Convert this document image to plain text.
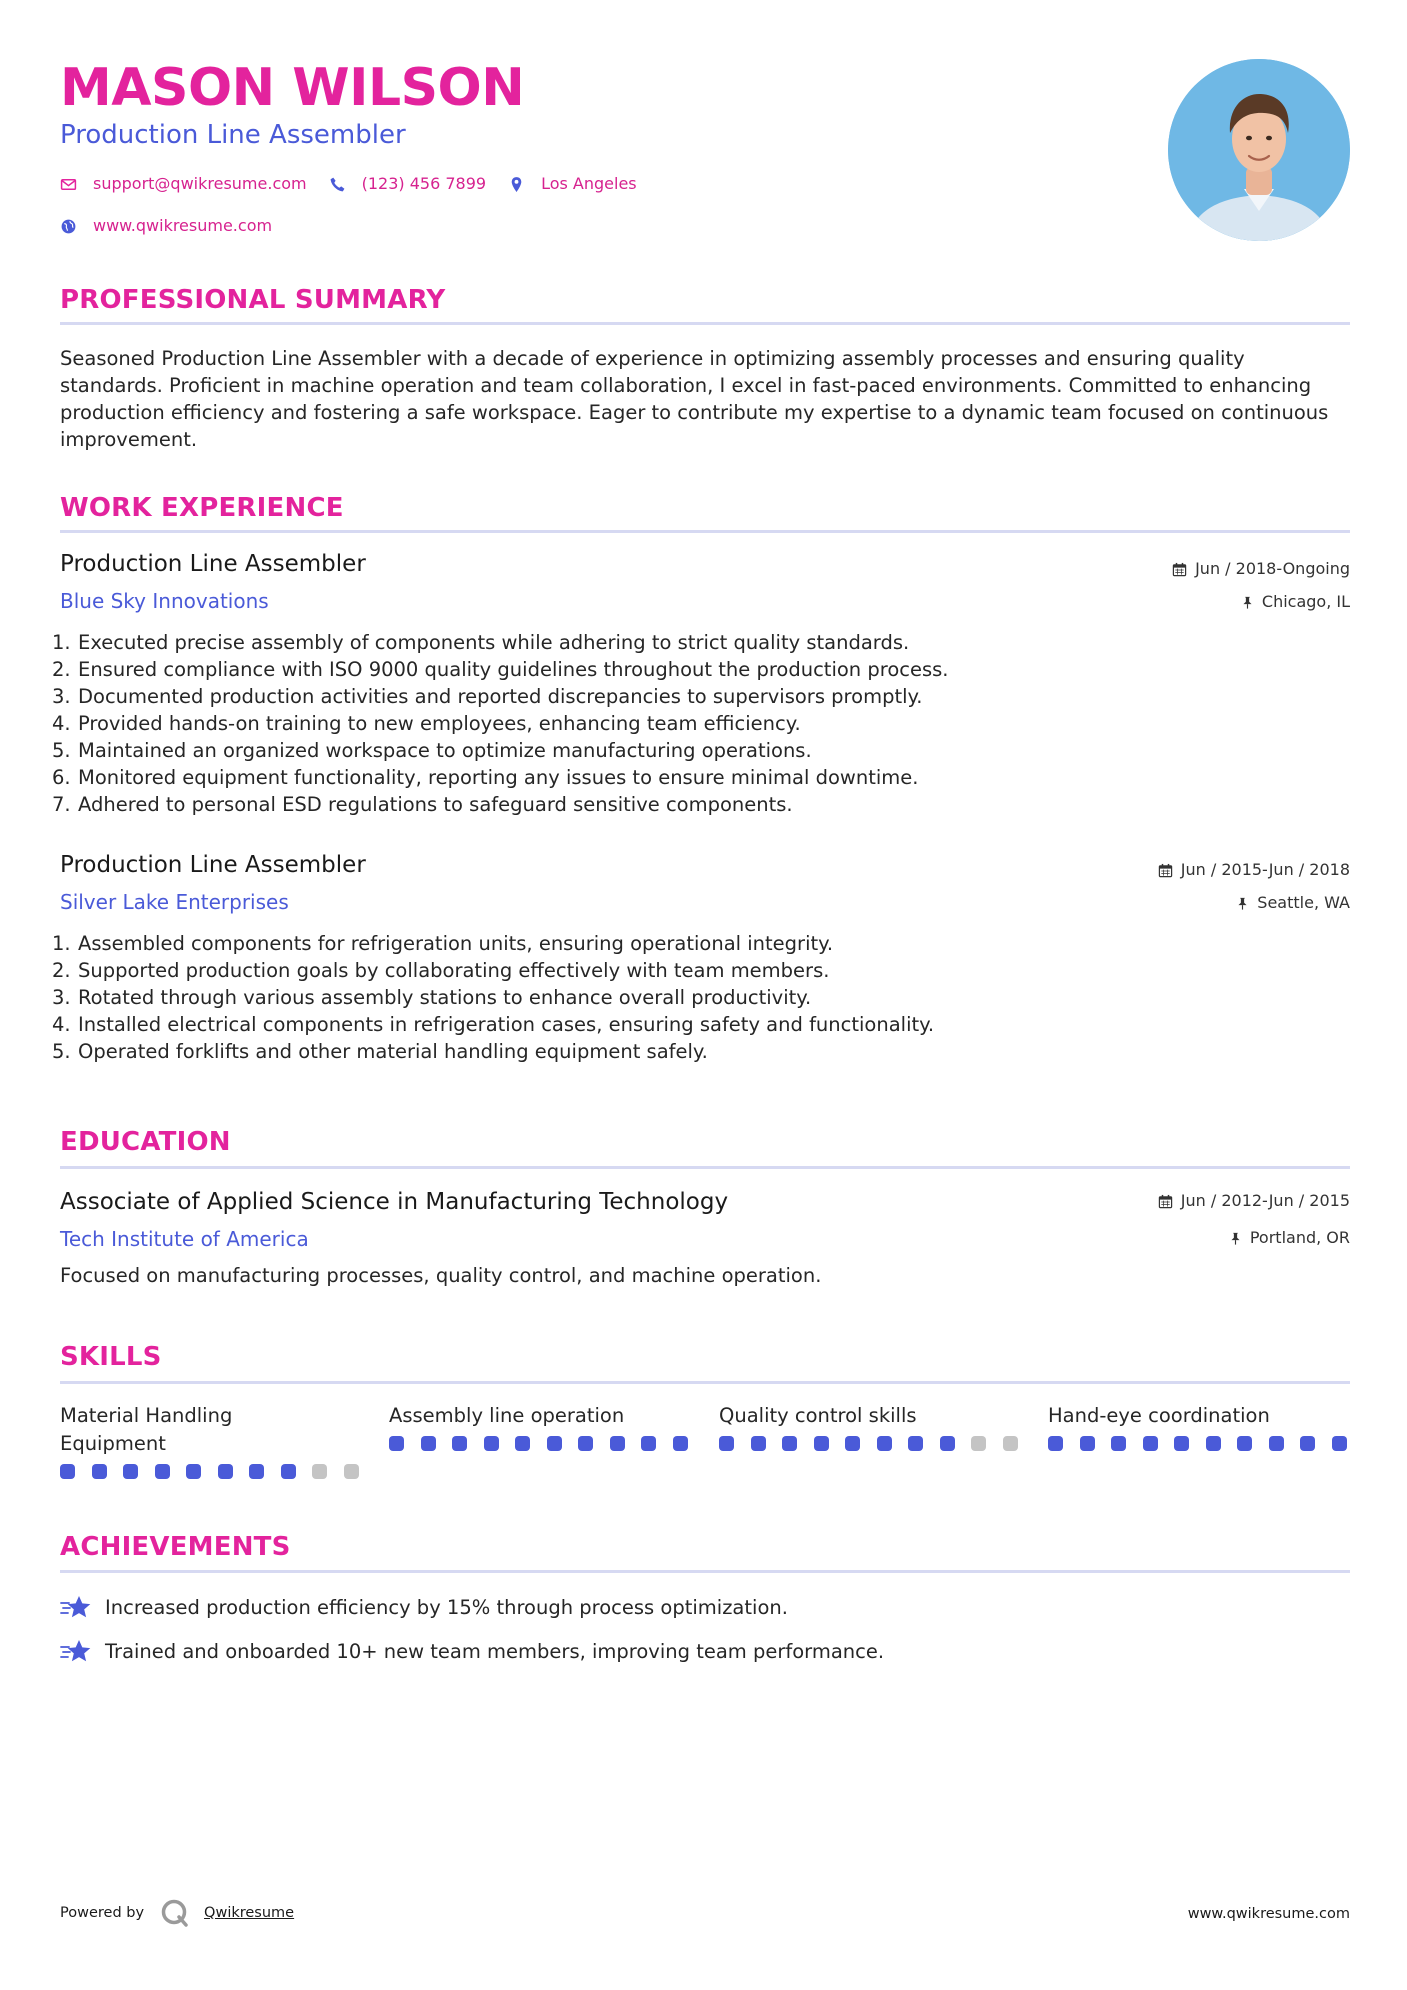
MASON WILSON
Production Line Assembler
support@qwikresume.com	(123) 456 7899	Los Angeles
www.qwikresume.com
PROFESSIONAL SUMMARY
Seasoned Production Line Assembler with a decade of experience in optimizing assembly processes and ensuring quality standards. Proficient in machine operation and team collaboration, I excel in fast-paced environments. Committed to enhancing production efficiency and fostering a safe workspace. Eager to contribute my expertise to a dynamic team focused on continuous improvement.
WORK EXPERIENCE
Production Line Assembler
Blue Sky Innovations
Jun / 2018-Ongoing
Chicago, IL
1. Executed precise assembly of components while adhering to strict quality standards.
2. Ensured compliance with ISO 9000 quality guidelines throughout the production process.
3. Documented production activities and reported discrepancies to supervisors promptly.
4. Provided hands-on training to new employees, enhancing team efficiency.
5. Maintained an organized workspace to optimize manufacturing operations.
6. Monitored equipment functionality, reporting any issues to ensure minimal downtime.
7. Adhered to personal ESD regulations to safeguard sensitive components.
Production Line Assembler
Silver Lake Enterprises
Jun / 2015-Jun / 2018
Seattle, WA
1. Assembled components for refrigeration units, ensuring operational integrity.
2. Supported production goals by collaborating effectively with team members.
3. Rotated through various assembly stations to enhance overall productivity.
4. Installed electrical components in refrigeration cases, ensuring safety and functionality.
5. Operated forklifts and other material handling equipment safely.
EDUCATION
Associate of Applied Science in Manufacturing Technology
Tech Institute of America
Jun / 2012-Jun / 2015
Portland, OR
Focused on manufacturing processes, quality control, and machine operation.
SKILLS
Material Handling Equipment
Assembly line operation	Quality control skills	Hand-eye coordination
ACHIEVEMENTS
Increased production efficiency by 15% through process optimization.
Trained and onboarded 10+ new team members, improving team performance.
Powered by	Qwikresume	www.qwikresume.com
